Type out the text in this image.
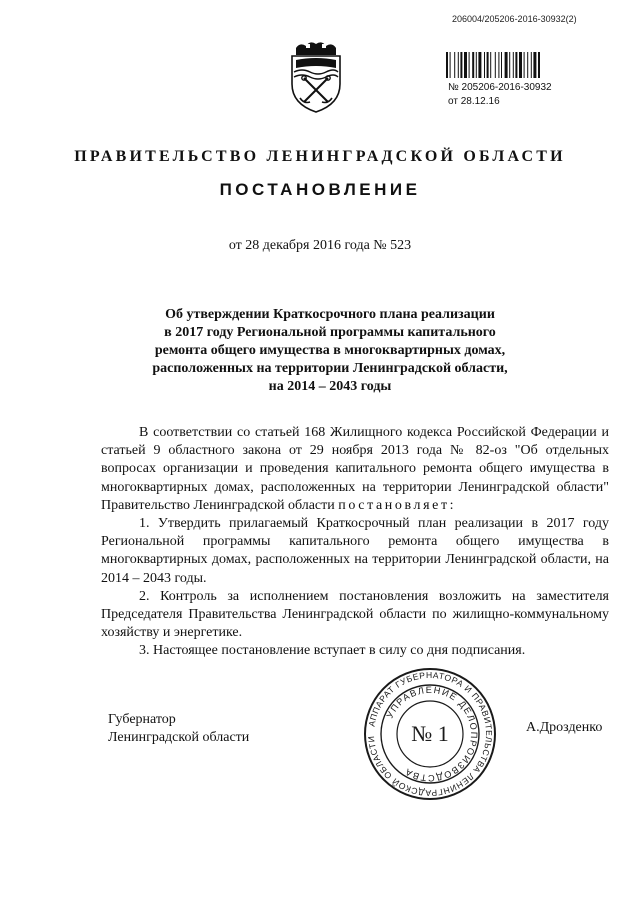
206004/205206-2016-30932(2)
№ 205206-2016-30932
от 28.12.16
ПРАВИТЕЛЬСТВО ЛЕНИНГРАДСКОЙ ОБЛАСТИ
ПОСТАНОВЛЕНИЕ
от 28 декабря 2016 года № 523
Об утверждении Краткосрочного плана реализации
в 2017 году Региональной программы капитального
ремонта общего имущества в многоквартирных домах,
расположенных на территории Ленинградской области,
на 2014 – 2043 годы

В соответствии со статьей 168 Жилищного кодекса Российской Федерации и статьей 9 областного закона от 29 ноября 2013 года № 82-оз "Об отдельных вопросах организации и проведения капитального ремонта общего имущества в многоквартирных домах, расположенных на территории Ленинградской области" Правительство Ленинградской области постановляет:

1. Утвердить прилагаемый Краткосрочный план реализации в 2017 году Региональной программы капитального ремонта общего имущества в многоквартирных домах, расположенных на территории Ленинградской области, на 2014 – 2043 годы.

2. Контроль за исполнением постановления возложить на заместителя Председателя Правительства Ленинградской области по жилищно-коммунальному хозяйству и энергетике.

3. Настоящее постановление вступает в силу со дня подписания.

Губернатор
Ленинградской области
А.Дрозденко
АППАРАТ ГУБЕРНАТОРА И ПРАВИТЕЛЬСТВА ЛЕНИНГРАДСКОЙ ОБЛАСТИ
УПРАВЛЕНИЕ ДЕЛОПРОИЗВОДСТВА
№ 1
